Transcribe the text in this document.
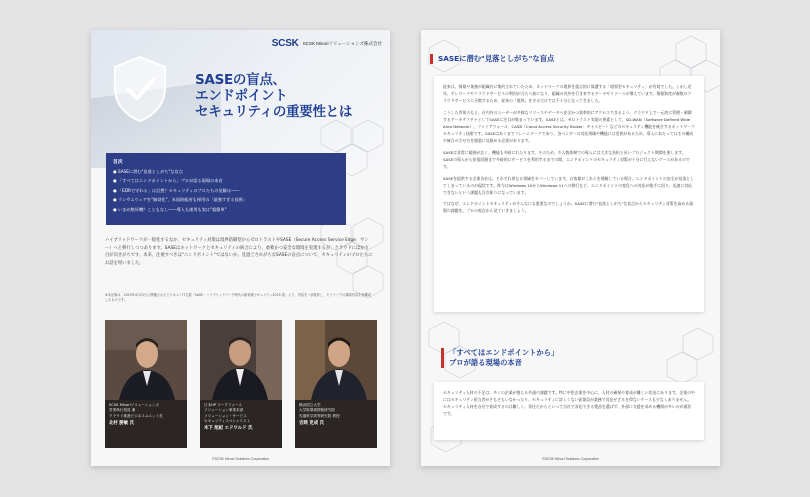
SCSK SCSK Minoriソリューションズ株式会社
SASEの盲点、
エンドポイント
セキュリティの重要性とは
目次
● SASEに潜む"見落としがち"な盲点
● 「すべてはエンドポイントから」プロが語る現場の本音
● 「EDRで守れる」は幻想？セキュリティのプロたちの見解は――
● ランサムウェアを"無効化"、米国防総省も採用の「最強すぎる技術」
● いまが絶好機？こともなし――導入も運用も実は"超簡単"
ハイブリッドワークが一般化するなか、セキュリティ対策は境界防御型からゼロトラストやSASE（Secure Access Service Edge：サシー）へと移行しつつあります。SASEはネットワークとセキュリティの統合により、柔軟かつ安全な環境を実現するが、クラウドにばかり目が向きがちです。本来、注視すべきは"エンドポイント"ではないか。見過ごされがちなSASEの盲点について、セキュリティのプロたちにお話を伺いました。
※本記事は、2025年4月21日に開催されたビジネス＋IT主催「SASE・ハイブリッドワーク時代の新常識セキュリティ2025 春」より、内容を一部抜粋し、セミナーでの講演内容を再構成したものです。
SCSK Minoriソリューションズ
営業執行役員 兼
クラウド推進ビジネスユニット長
北村 勝敏 氏
日本HP ワークフォース
ソリューション事業本部
ソリューション・サービス
セキュリティスペシャリスト
木下 旭紀 エドワルド 氏
横浜国立大学
大学院環境情報研究院
先端科学高等研究院 教授
吉岡 克成 氏
©SCSK Minori Solutions Corporation
SASEに潜む"見落としがち"な盲点

従来は、情報や業務が組織内に集約されていたため、ネットワークの境界を重点的に保護する「境界型セキュリティ」が有効でした。しかし近年、テレワークやクラウドサービスの利用が当たり前になり、組織の内外を行き来するデータやリソースが増えています。情報資産が複数のクラウドサービスに分散するため、従来の「境界」を守るだけでは不十分となってきました。

こうした背景のもと、社内外のユーザーが多様なリソースやデータへ安全かつ効率的にアクセスできるよう、クラウド上で一元的に管理・制御するアーキテクチャとしてSASEに注目が集まっています。SASEとは、ゼロトラスト実現の要素として、SD-WAN（Software Defined Wide Area Network）、ファイアウォール、CASB（Cloud Access Security Broker：キャスビー）などのセキュリティ機能を統合するネットワークセキュリティ技術です。SASEはあくまでフレームワークであり、各ベンダーの対応領域や機能には差異があるため、導入にあたってはその構成や統合のさせ方を慎重に見極める必要があります。

SASEは非常に範囲が広く、機能も多岐にわたります。そのため、少人数体制での導入には大きな負担と長いプロジェクト期間を要します。SASEの導入から拡張段階まで多岐的にサービスを利用するまでの間、エンドポイントのセキュリティ対策が十分に行えないケースがあるのです。

SASEを提供する企業各社は、それぞれ異なる領域をカバーしています。お客様がこれらを理解している場合、エンドポイントの安全が見落としてしまっているのが現状です。昨今はWindows 10からWindows 11への移行など、エンドポイントの変化への対応が後手に回り、迅速に対応できないという課題も浮き彫りになっています。

ではなぜ、エンドポイントセキュリティがそんなにも重要なのでしょうか。SASEに潜む"見落としがち"な盲点からセキュリティ対策を高める現場の課題を、プロの視点から見ていきましょう。

「すべてはエンドポイントから」
プロが語る現場の本音

セキュリティ人材の不足は、多くの企業が抱える共通の課題です。特に中堅企業を中心に、人材の確保や育成が難しい状況にあります。企業の中にはセキュリティ担当者がそもそもいなかったり、セキュリティに詳しくない従業員が業務で対応せざるを得ないケースも少なくありません。セキュリティ人材を自社で育成するのは難しく、専任だからといって自社で対応できる製品を選ばず、外部に支援を求める機関が多いのが現状です。

©SCSK Minori Solutions Corporation
